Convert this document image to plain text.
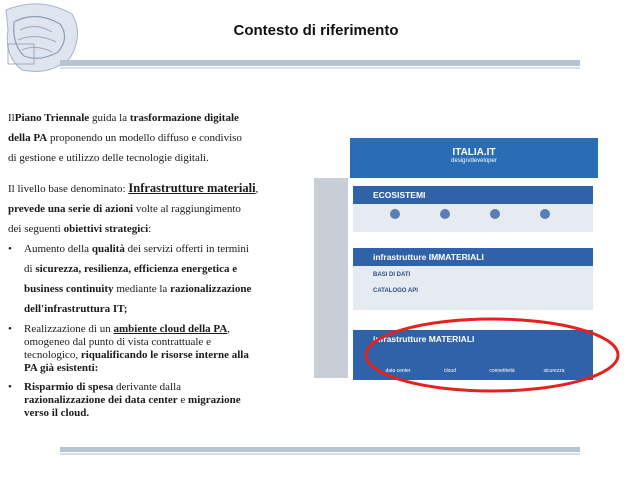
Contesto di riferimento

IlPiano Triennale guida la trasformazione digitale

della PA proponendo un modello diffuso e condiviso

di gestione e utilizzo delle tecnologie digitali.

Il livello base denominato: Infrastrutture materiali,

prevede una serie di azioni volte al raggiungimento

dei seguenti obiettivi strategici:

• Aumento della qualità dei servizi offerti in termini

di sicurezza, resilienza, efficienza energetica e

business continuity mediante la razionalizzazione

dell'infrastruttura IT;

• Realizzazione di un ambiente cloud della PA,

omogeneo dal punto di vista contrattuale e

tecnologico, riqualificando le risorse interne alla

PA già esistenti:

• Risparmio di spesa derivante dalla

razionalizzazione dei data center e migrazione

verso il cloud.

CYBER SECURITY MONITORAGGIO
ITALIA.IT
design/developer
ECOSISTEMI
infrastrutture IMMATERIALI
BASI DI DATI
CATALOGO API
infrastrutture MATERIALI
data center	cloud	connettività	sicurezza
